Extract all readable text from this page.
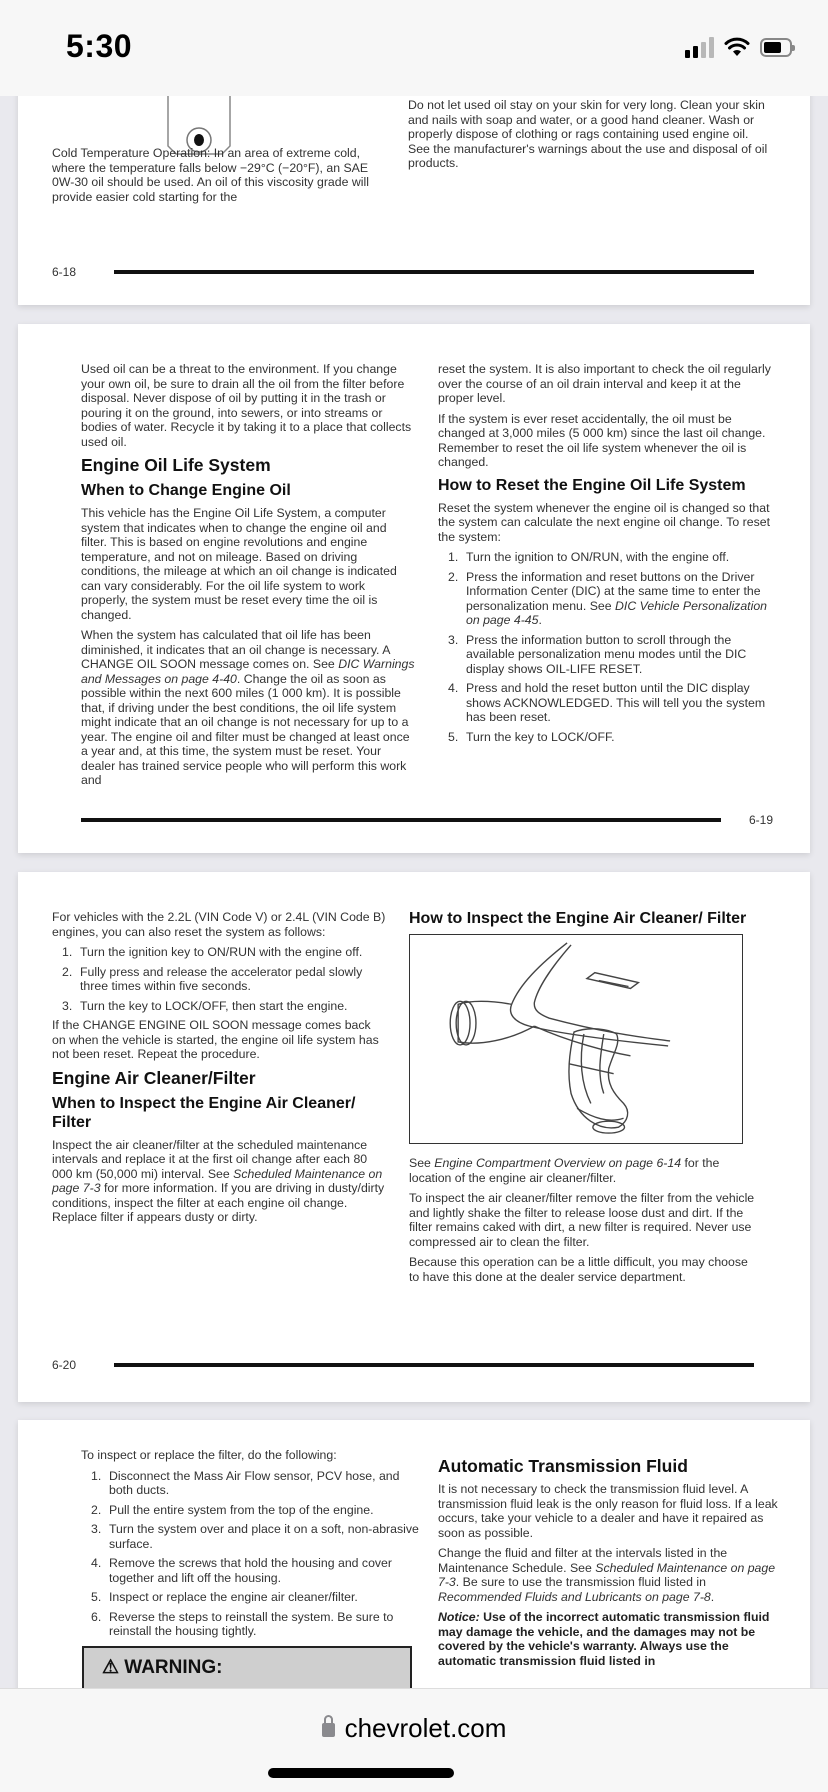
5:30

Cold Temperature Operation: In an area of extreme cold, where the temperature falls below −29°C (−20°F), an SAE 0W-30 oil should be used. An oil of this viscosity grade will provide easier cold starting for the

Do not let used oil stay on your skin for very long. Clean your skin and nails with soap and water, or a good hand cleaner. Wash or properly dispose of clothing or rags containing used engine oil. See the manufacturer's warnings about the use and disposal of oil products.

6-18

Used oil can be a threat to the environment. If you change your own oil, be sure to drain all the oil from the filter before disposal. Never dispose of oil by putting it in the trash or pouring it on the ground, into sewers, or into streams or bodies of water. Recycle it by taking it to a place that collects used oil.

Engine Oil Life System
When to Change Engine Oil

This vehicle has the Engine Oil Life System, a computer system that indicates when to change the engine oil and filter. This is based on engine revolutions and engine temperature, and not on mileage. Based on driving conditions, the mileage at which an oil change is indicated can vary considerably. For the oil life system to work properly, the system must be reset every time the oil is changed.

When the system has calculated that oil life has been diminished, it indicates that an oil change is necessary. A CHANGE OIL SOON message comes on. See DIC Warnings and Messages on page 4-40. Change the oil as soon as possible within the next 600 miles (1 000 km). It is possible that, if driving under the best conditions, the oil life system might indicate that an oil change is not necessary for up to a year. The engine oil and filter must be changed at least once a year and, at this time, the system must be reset. Your dealer has trained service people who will perform this work and

reset the system. It is also important to check the oil regularly over the course of an oil drain interval and keep it at the proper level.

If the system is ever reset accidentally, the oil must be changed at 3,000 miles (5 000 km) since the last oil change. Remember to reset the oil life system whenever the oil is changed.

How to Reset the Engine Oil Life System

Reset the system whenever the engine oil is changed so that the system can calculate the next engine oil change. To reset the system:

1. Turn the ignition to ON/RUN, with the engine off.
2. Press the information and reset buttons on the Driver Information Center (DIC) at the same time to enter the personalization menu. See DIC Vehicle Personalization on page 4-45.
3. Press the information button to scroll through the available personalization menu modes until the DIC display shows OIL-LIFE RESET.
4. Press and hold the reset button until the DIC display shows ACKNOWLEDGED. This will tell you the system has been reset.
5. Turn the key to LOCK/OFF.
6-19

For vehicles with the 2.2L (VIN Code V) or 2.4L (VIN Code B) engines, you can also reset the system as follows:

1. Turn the ignition key to ON/RUN with the engine off.
2. Fully press and release the accelerator pedal slowly three times within five seconds.
3. Turn the key to LOCK/OFF, then start the engine.

If the CHANGE ENGINE OIL SOON message comes back on when the vehicle is started, the engine oil life system has not been reset. Repeat the procedure.

Engine Air Cleaner/Filter
When to Inspect the Engine Air Cleaner/ Filter

Inspect the air cleaner/filter at the scheduled maintenance intervals and replace it at the first oil change after each 80 000 km (50,000 mi) interval. See Scheduled Maintenance on page 7-3 for more information. If you are driving in dusty/dirty conditions, inspect the filter at each engine oil change. Replace filter if appears dusty or dirty.

How to Inspect the Engine Air Cleaner/ Filter

See Engine Compartment Overview on page 6-14 for the location of the engine air cleaner/filter.

To inspect the air cleaner/filter remove the filter from the vehicle and lightly shake the filter to release loose dust and dirt. If the filter remains caked with dirt, a new filter is required. Never use compressed air to clean the filter.

Because this operation can be a little difficult, you may choose to have this done at the dealer service department.

6-20

To inspect or replace the filter, do the following:

1. Disconnect the Mass Air Flow sensor, PCV hose, and both ducts.
2. Pull the entire system from the top of the engine.
3. Turn the system over and place it on a soft, non-abrasive surface.
4. Remove the screws that hold the housing and cover together and lift off the housing.
5. Inspect or replace the engine air cleaner/filter.
6. Reverse the steps to reinstall the system. Be sure to reinstall the housing tightly.
⚠ WARNING:
Automatic Transmission Fluid

It is not necessary to check the transmission fluid level. A transmission fluid leak is the only reason for fluid loss. If a leak occurs, take your vehicle to a dealer and have it repaired as soon as possible.

Change the fluid and filter at the intervals listed in the Maintenance Schedule. See Scheduled Maintenance on page 7-3. Be sure to use the transmission fluid listed in Recommended Fluids and Lubricants on page 7-8.

Notice: Use of the incorrect automatic transmission fluid may damage the vehicle, and the damages may not be covered by the vehicle's warranty. Always use the automatic transmission fluid listed in

chevrolet.com
